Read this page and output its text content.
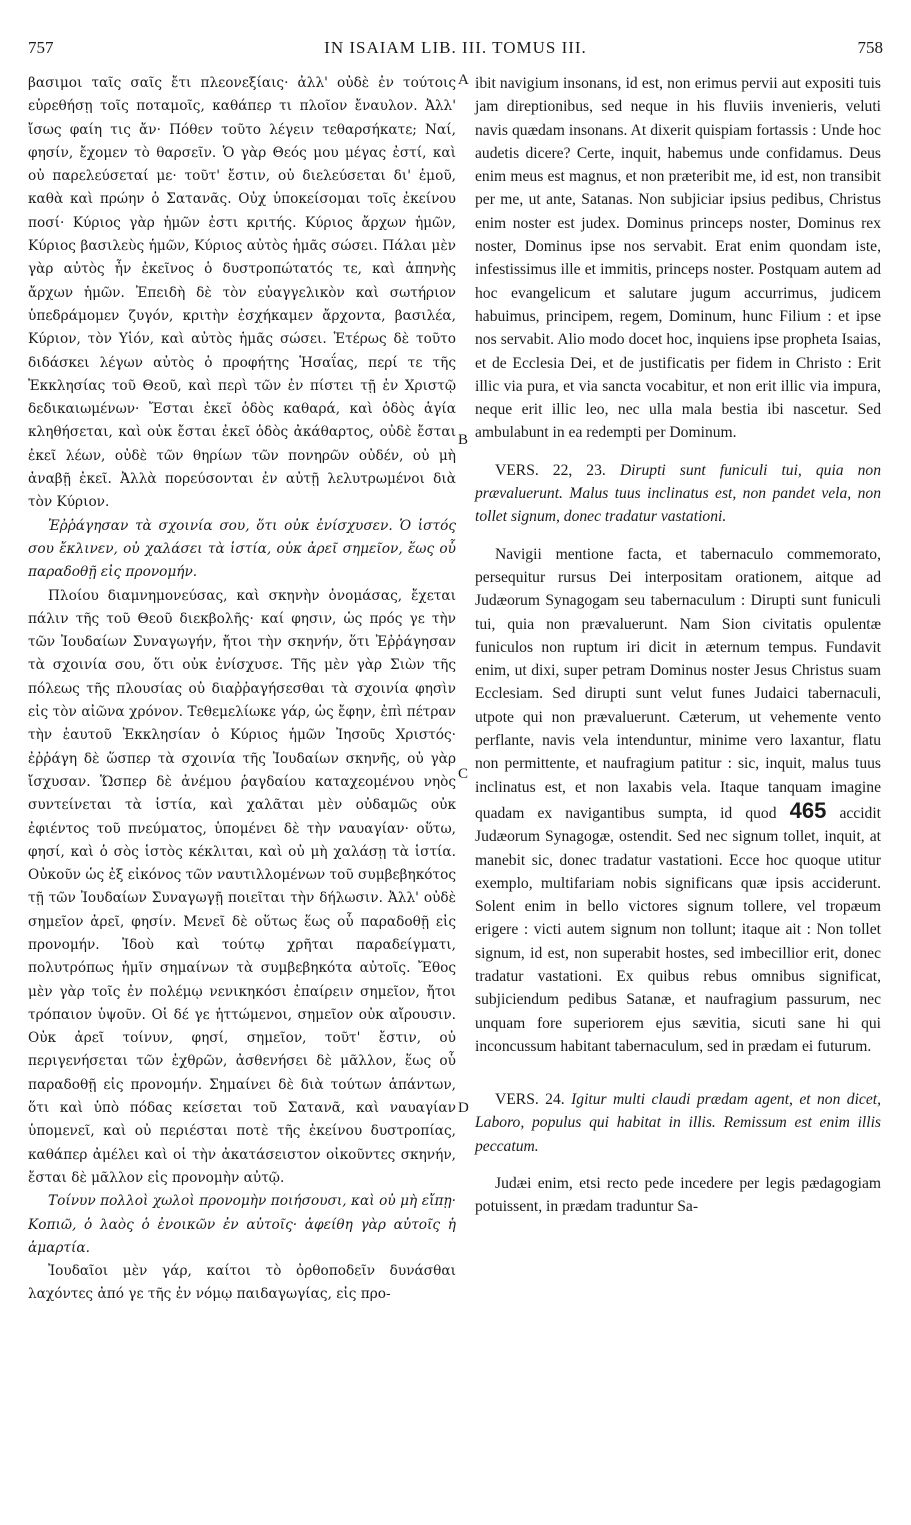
757	IN ISAIAM LIB. III. TOMUS III.	758

βασιμοι ταῖς σαῖς ἔτι πλεονεξίαις· ἀλλ' οὐδὲ ἐν τούτοις εὑρεθήσῃ τοῖς ποταμοῖς, καθάπερ τι πλοῖον ἔναυλον. Ἀλλ' ἴσως φαίη τις ἄν· Πόθεν τοῦτο λέγειν τεθαρσήκατε; Ναί, φησίν, ἔχομεν τὸ θαρσεῖν. Ὁ γὰρ Θεός μου μέγας ἐστί, καὶ οὐ παρελεύσεταί με· τοῦτ' ἔστιν, οὐ διελεύσεται δι' ἐμοῦ, καθὰ καὶ πρώην ὁ Σατανᾶς. Οὐχ ὑποκείσομαι τοῖς ἐκείνου ποσί· Κύριος γὰρ ἡμῶν ἐστι κριτής. Κύριος ἄρχων ἡμῶν, Κύριος βασιλεὺς ἡμῶν, Κύριος αὐτὸς ἡμᾶς σώσει. Πάλαι μὲν γὰρ αὐτὸς ἦν ἐκεῖνος ὁ δυστροπώτατός τε, καὶ ἀπηνὴς ἄρχων ἡμῶν. Ἐπειδὴ δὲ τὸν εὐαγγελικὸν καὶ σωτήριον ὑπεδράμομεν ζυγόν, κριτὴν ἐσχήκαμεν ἄρχοντα, βασιλέα, Κύριον, τὸν Υἱόν, καὶ αὐτὸς ἡμᾶς σώσει. Ἑτέρως δὲ τοῦτο διδάσκει λέγων αὐτὸς ὁ προφήτης Ἡσαΐας, περί τε τῆς Ἐκκλησίας τοῦ Θεοῦ, καὶ περὶ τῶν ἐν πίστει τῇ ἐν Χριστῷ δεδικαιωμένων· Ἔσται ἐκεῖ ὁδὸς καθαρά, καὶ ὁδὸς ἁγία κληθήσεται, καὶ οὐκ ἔσται ἐκεῖ ὁδὸς ἀκάθαρτος, οὐδὲ ἔσται ἐκεῖ λέων, οὐδὲ τῶν θηρίων τῶν πονηρῶν οὐδέν, οὐ μὴ ἀναβῇ ἐκεῖ. Ἀλλὰ πορεύσονται ἐν αὐτῇ λελυτρωμένοι διὰ τὸν Κύριον.

Ἐῤῥάγησαν τὰ σχοινία σου, ὅτι οὐκ ἐνίσχυσεν. Ὁ ἱστός σου ἔκλινεν, οὐ χαλάσει τὰ ἱστία, οὐκ ἀρεῖ σημεῖον, ἕως οὗ παραδοθῇ εἰς προνομήν.

Πλοίου διαμνημονεύσας, καὶ σκηνὴν ὀνομάσας, ἔχεται πάλιν τῆς τοῦ Θεοῦ διεκβολῆς· καί φησιν, ὡς πρός γε τὴν τῶν Ἰουδαίων Συναγωγήν, ἤτοι τὴν σκηνήν, ὅτι Ἐῤῥάγησαν τὰ σχοινία σου, ὅτι οὐκ ἐνίσχυσε. Τῆς μὲν γὰρ Σιὼν τῆς πόλεως τῆς πλουσίας οὐ διαῤῥαγήσεσθαι τὰ σχοινία φησὶν εἰς τὸν αἰῶνα χρόνον. Τεθεμελίωκε γάρ, ὡς ἔφην, ἐπὶ πέτραν τὴν ἑαυτοῦ Ἐκκλησίαν ὁ Κύριος ἡμῶν Ἰησοῦς Χριστός· ἐῤῥάγη δὲ ὥσπερ τὰ σχοινία τῆς Ἰουδαίων σκηνῆς, οὐ γὰρ ἴσχυσαν. Ὥσπερ δὲ ἀνέμου ῥαγδαίου καταχεομένου νηὸς συντείνεται τὰ ἱστία, καὶ χαλᾶται μὲν οὐδαμῶς οὐκ ἐφιέντος τοῦ πνεύματος, ὑπομένει δὲ τὴν ναυαγίαν· οὕτω, φησί, καὶ ὁ σὸς ἱστὸς κέκλιται, καὶ οὐ μὴ χαλάσῃ τὰ ἱστία. Οὐκοῦν ὡς ἐξ εἰκόνος τῶν ναυτιλλομένων τοῦ συμβεβηκότος τῇ τῶν Ἰουδαίων Συναγωγῇ ποιεῖται τὴν δήλωσιν. Ἀλλ' οὐδὲ σημεῖον ἀρεῖ, φησίν. Μενεῖ δὲ οὕτως ἕως οὗ παραδοθῇ εἰς προνομήν. Ἰδοὺ καὶ τούτῳ χρῆται παραδείγματι, πολυτρόπως ἡμῖν σημαίνων τὰ συμβεβηκότα αὐτοῖς. Ἔθος μὲν γὰρ τοῖς ἐν πολέμῳ νενικηκόσι ἐπαίρειν σημεῖον, ἤτοι τρόπαιον ὑψοῦν. Οἱ δέ γε ἡττώμενοι, σημεῖον οὐκ αἴρουσιν. Οὐκ ἀρεῖ τοίνυν, φησί, σημεῖον, τοῦτ' ἔστιν, οὐ περιγενήσεται τῶν ἐχθρῶν, ἀσθενήσει δὲ μᾶλλον, ἕως οὗ παραδοθῇ εἰς προνομήν. Σημαίνει δὲ διὰ τούτων ἁπάντων, ὅτι καὶ ὑπὸ πόδας κείσεται τοῦ Σατανᾶ, καὶ ναυαγίαν ὑπομενεῖ, καὶ οὐ περιέσται ποτὲ τῆς ἐκείνου δυστροπίας, καθάπερ ἀμέλει καὶ οἱ τὴν ἀκατάσειστον οἰκοῦντες σκηνήν, ἔσται δὲ μᾶλλον εἰς προνομὴν αὐτῷ.

Τοίνυν πολλοὶ χωλοὶ προνομὴν ποιήσουσι, καὶ οὐ μὴ εἴπῃ· Κοπιῶ, ὁ λαὸς ὁ ἐνοικῶν ἐν αὐτοῖς· ἀφείθη γὰρ αὐτοῖς ἡ ἁμαρτία.

Ἰουδαῖοι μὲν γάρ, καίτοι τὸ ὀρθοποδεῖν δυνάσθαι λαχόντες ἀπό γε τῆς ἐν νόμῳ παιδαγωγίας, εἰς προ-

A
B
C
D

ibit navigium insonans, id est, non erimus pervii aut expositi tuis jam direptionibus, sed neque in his fluviis invenieris, veluti navis quædam insonans. At dixerit quispiam fortassis : Unde hoc audetis dicere? Certe, inquit, habemus unde confidamus. Deus enim meus est magnus, et non præteribit me, id est, non transibit per me, ut ante, Satanas. Non subjiciar ipsius pedibus, Christus enim noster est judex. Dominus princeps noster, Dominus rex noster, Dominus ipse nos servabit. Erat enim quondam iste, infestissimus ille et immitis, princeps noster. Postquam autem ad hoc evangelicum et salutare jugum accurrimus, judicem habuimus, principem, regem, Dominum, hunc Filium : et ipse nos servabit. Alio modo docet hoc, inquiens ipse propheta Isaias, et de Ecclesia Dei, et de justificatis per fidem in Christo : Erit illic via pura, et via sancta vocabitur, et non erit illic via impura, neque erit illic leo, nec ulla mala bestia ibi nascetur. Sed ambulabunt in ea redempti per Dominum.

VERS. 22, 23. Dirupti sunt funiculi tui, quia non prævaluerunt. Malus tuus inclinatus est, non pandet vela, non tollet signum, donec tradatur vastationi.

Navigii mentione facta, et tabernaculo commemorato, persequitur rursus Dei interpositam orationem, aitque ad Judæorum Synagogam seu tabernaculum : Dirupti sunt funiculi tui, quia non prævaluerunt. Nam Sion civitatis opulentæ funiculos non ruptum iri dicit in æternum tempus. Fundavit enim, ut dixi, super petram Dominus noster Jesus Christus suam Ecclesiam. Sed dirupti sunt velut funes Judaici tabernaculi, utpote qui non prævaluerunt. Cæterum, ut vehemente vento perflante, navis vela intenduntur, minime vero laxantur, flatu non permittente, et naufragium patitur : sic, inquit, malus tuus inclinatus est, et non laxabis vela. Itaque tanquam imagine quadam ex navigantibus sumpta, id quod 465 accidit Judæorum Synagogæ, ostendit. Sed nec signum tollet, inquit, at manebit sic, donec tradatur vastationi. Ecce hoc quoque utitur exemplo, multifariam nobis significans quæ ipsis acciderunt. Solent enim in bello victores signum tollere, vel tropæum erigere : victi autem signum non tollunt; itaque ait : Non tollet signum, id est, non superabit hostes, sed imbecillior erit, donec tradatur vastationi. Ex quibus rebus omnibus significat, subjiciendum pedibus Satanæ, et naufragium passurum, nec unquam fore superiorem ejus sævitia, sicuti sane hi qui inconcussum habitant tabernaculum, sed in prædam ei futurum.

VERS. 24. Igitur multi claudi prædam agent, et non dicet, Laboro, populus qui habitat in illis. Remissum est enim illis peccatum.

Judæi enim, etsi recto pede incedere per legis pædagogiam potuissent, in prædam traduntur Sa-
